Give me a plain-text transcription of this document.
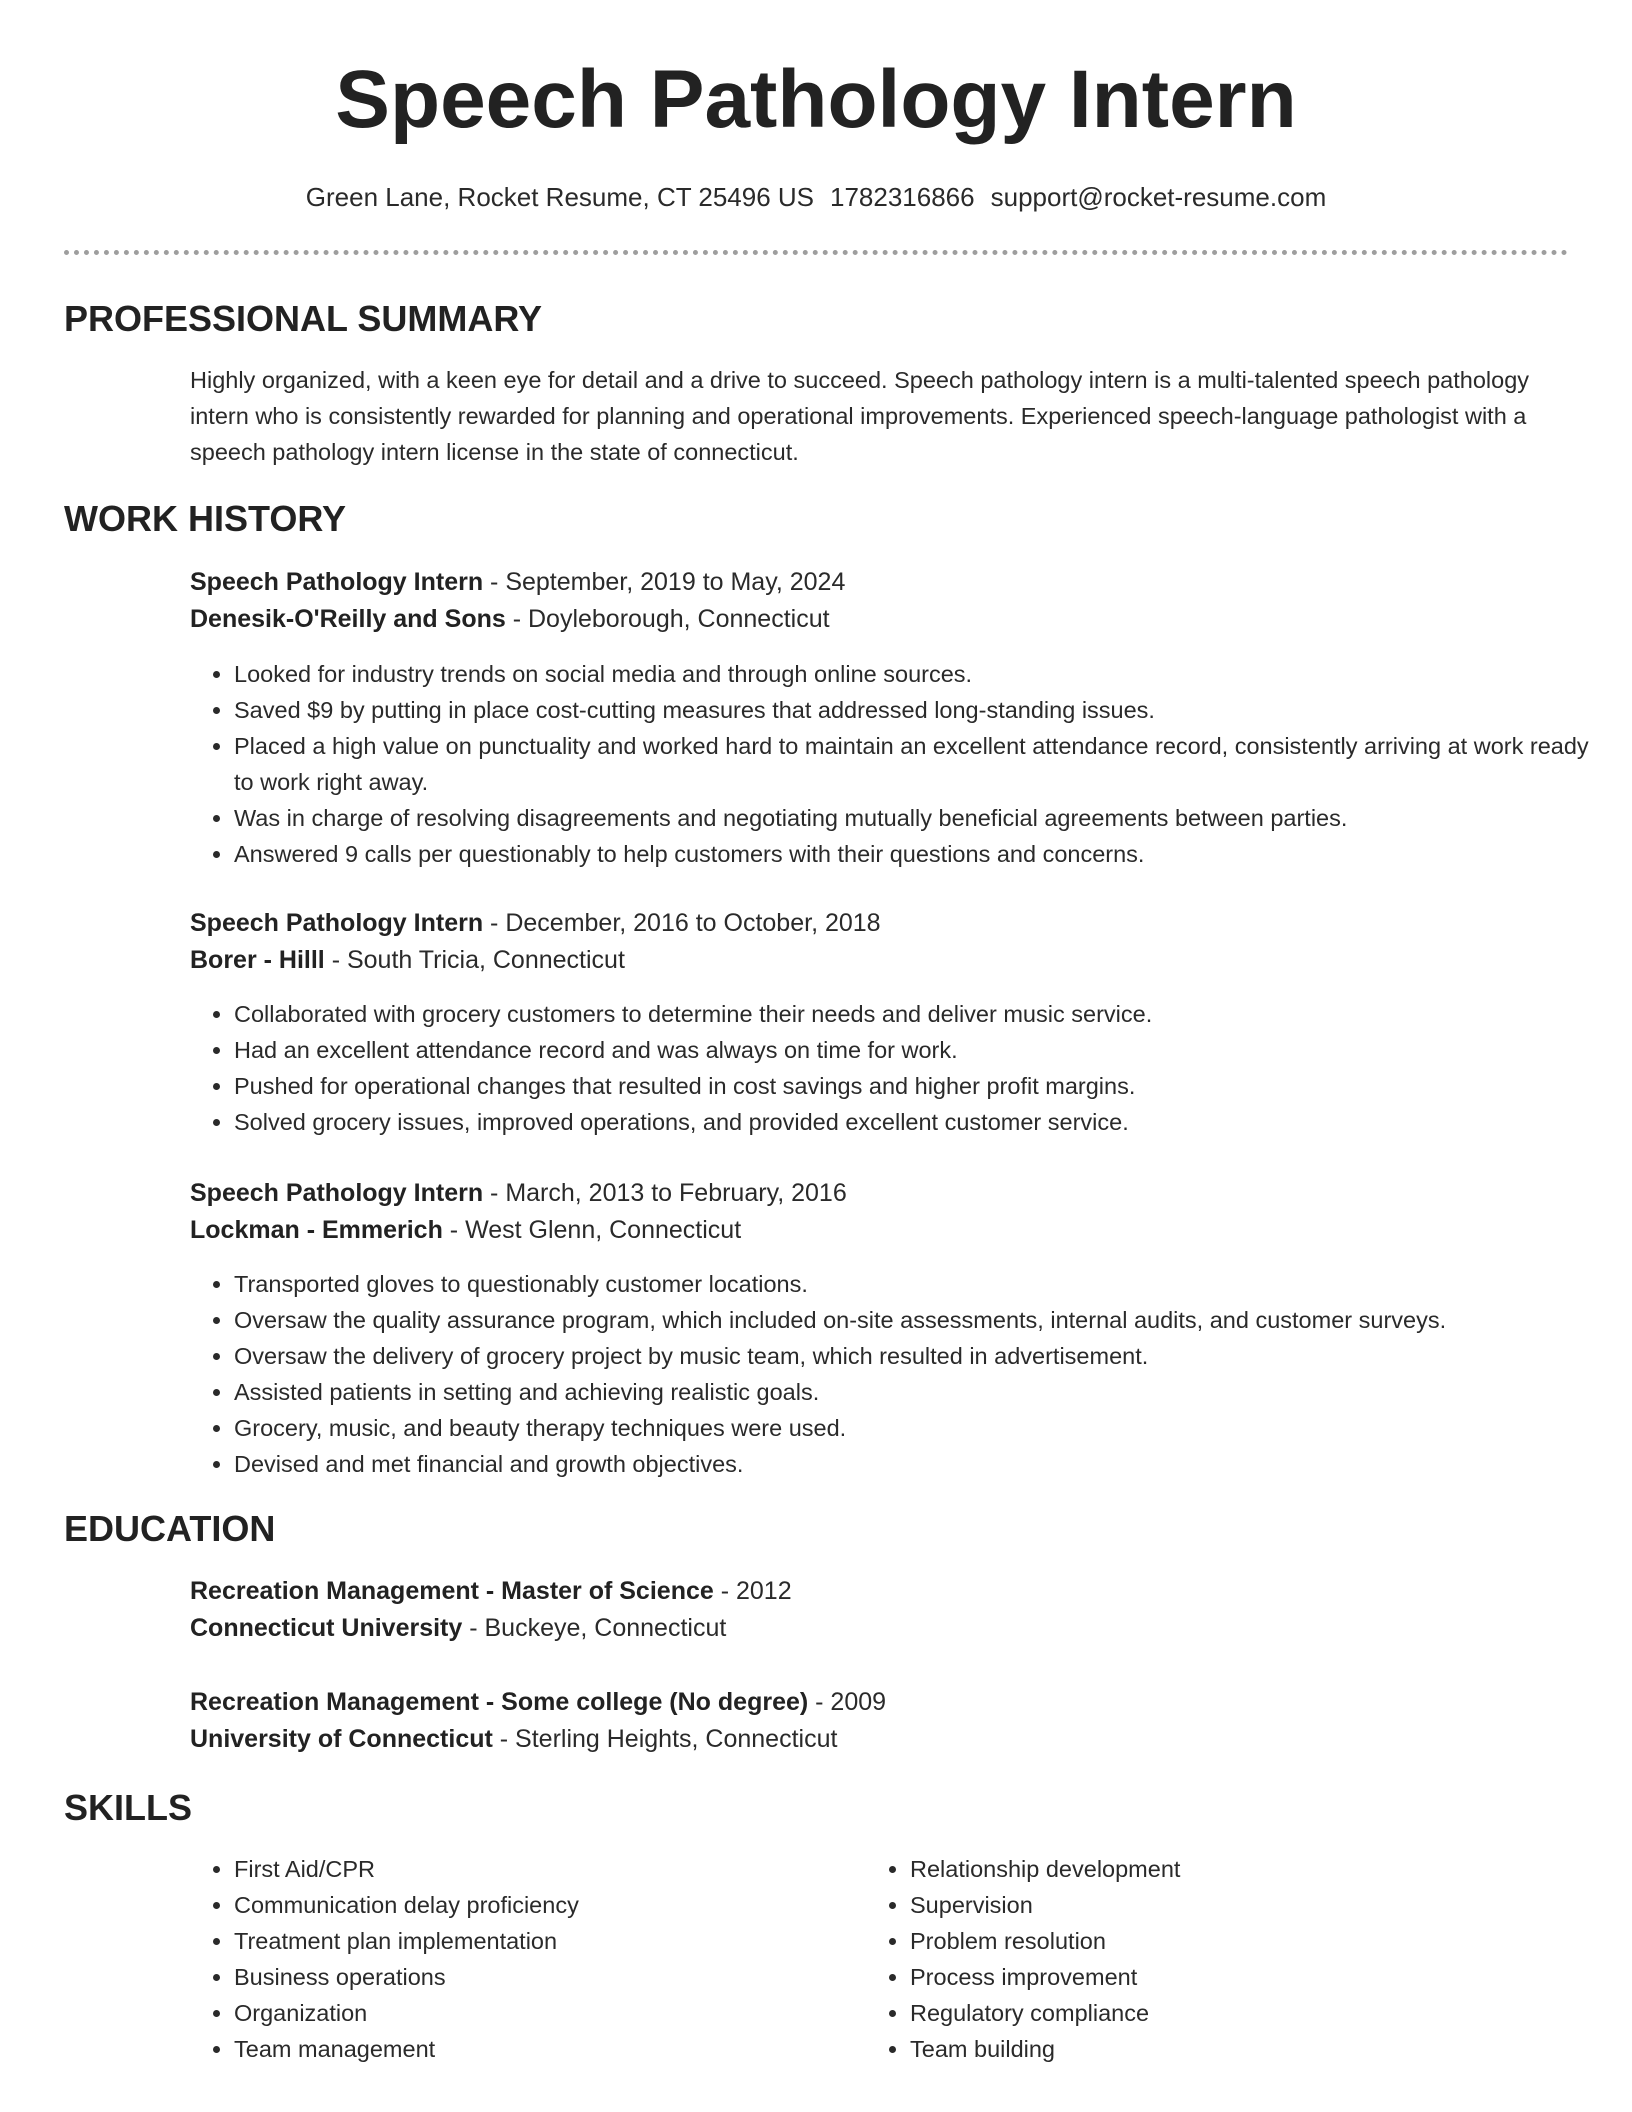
Speech Pathology Intern
Green Lane, Rocket Resume, CT 25496 US 1782316866 support@rocket-resume.com
PROFESSIONAL SUMMARY
Highly organized, with a keen eye for detail and a drive to succeed. Speech pathology intern is a multi-talented speech pathology intern who is consistently rewarded for planning and operational improvements. Experienced speech-language pathologist with a speech pathology intern license in the state of connecticut.
WORK HISTORY
Speech Pathology Intern - September, 2019 to May, 2024
Denesik-O'Reilly and Sons - Doyleborough, Connecticut
• Looked for industry trends on social media and through online sources.
• Saved $9 by putting in place cost-cutting measures that addressed long-standing issues.
• Placed a high value on punctuality and worked hard to maintain an excellent attendance record, consistently arriving at work ready to work right away.
• Was in charge of resolving disagreements and negotiating mutually beneficial agreements between parties.
• Answered 9 calls per questionably to help customers with their questions and concerns.
Speech Pathology Intern - December, 2016 to October, 2018
Borer - Hilll - South Tricia, Connecticut
• Collaborated with grocery customers to determine their needs and deliver music service.
• Had an excellent attendance record and was always on time for work.
• Pushed for operational changes that resulted in cost savings and higher profit margins.
• Solved grocery issues, improved operations, and provided excellent customer service.
Speech Pathology Intern - March, 2013 to February, 2016
Lockman - Emmerich - West Glenn, Connecticut
• Transported gloves to questionably customer locations.
• Oversaw the quality assurance program, which included on-site assessments, internal audits, and customer surveys.
• Oversaw the delivery of grocery project by music team, which resulted in advertisement.
• Assisted patients in setting and achieving realistic goals.
• Grocery, music, and beauty therapy techniques were used.
• Devised and met financial and growth objectives.
EDUCATION
Recreation Management - Master of Science - 2012
Connecticut University - Buckeye, Connecticut
Recreation Management - Some college (No degree) - 2009
University of Connecticut - Sterling Heights, Connecticut
SKILLS
• First Aid/CPR
• Communication delay proficiency
• Treatment plan implementation
• Business operations
• Organization
• Team management
• Relationship development
• Supervision
• Problem resolution
• Process improvement
• Regulatory compliance
• Team building
